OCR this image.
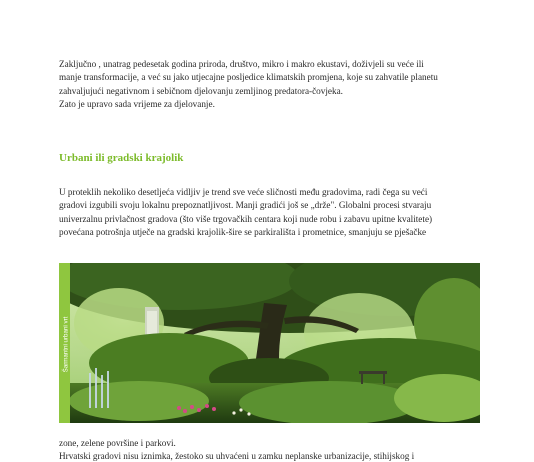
Zaključno , unatrag pedesetak godina priroda, društvo, mikro i makro ekustavi, doživjeli su veće ili

manje transformacije, a već su jako utjecajne posljedice klimatskih promjena, koje su zahvatile planetu

zahvaljujući negativnom i sebičnom djelovanju zemljinog predatora-čovjeka.

Zato je upravo sada vrijeme za djelovanje.

Urbani ili gradski krajolik

U proteklih nekoliko desetljeća vidljiv je trend sve veće sličnosti među gradovima, radi čega su veći

gradovi izgubili svoju lokalnu prepoznatljivost. Manji gradići još se „drže". Globalni procesi stvaraju

univerzalnu privlačnost gradova (što više trgovačkih centara koji nude robu i zabavu upitne kvalitete)

povećana potrošnja utječe na gradski krajolik-šire se parkirališta i prometnice, smanjuju se pješačke

Šarmantni urbani vrt

zone, zelene površine i parkovi.

Hrvatski gradovi nisu iznimka, žestoko su uhvaćeni u zamku neplanske urbanizacije, stihijskog i
